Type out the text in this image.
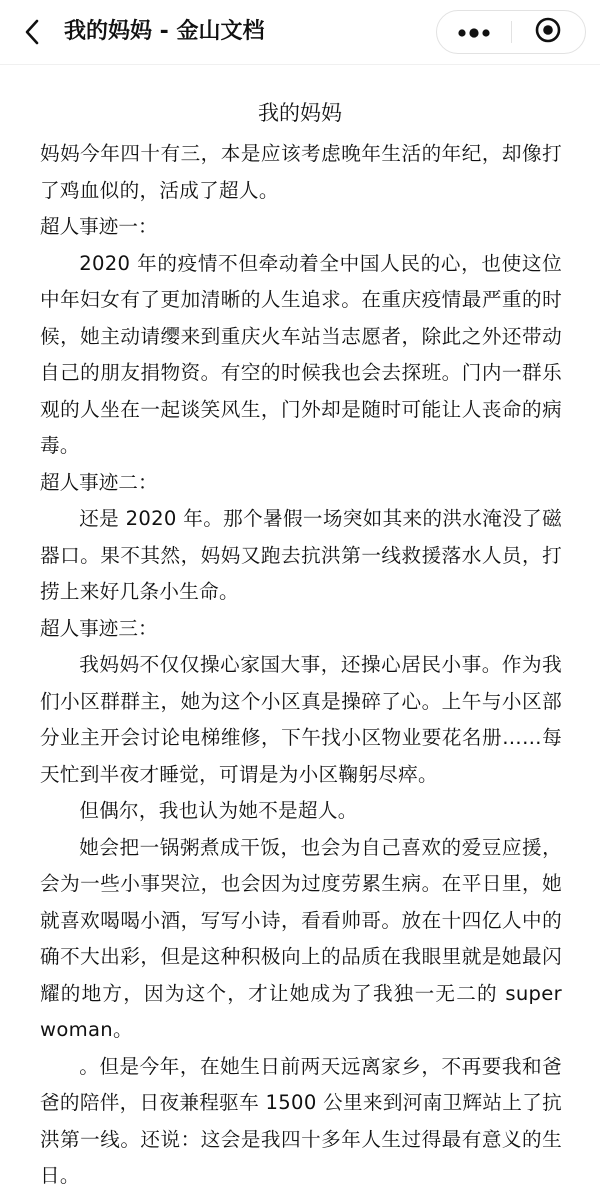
我的妈妈 - 金山文档
我的妈妈

妈妈今年四十有三，本是应该考虑晚年生活的年纪，却像打了鸡血似的，活成了超人。

超人事迹一：

2020 年的疫情不但牵动着全中国人民的心，也使这位中年妇女有了更加清晰的人生追求。在重庆疫情最严重的时候，她主动请缨来到重庆火车站当志愿者，除此之外还带动自己的朋友捐物资。有空的时候我也会去探班。门内一群乐观的人坐在一起谈笑风生，门外却是随时可能让人丧命的病毒。

超人事迹二：

还是 2020 年。那个暑假一场突如其来的洪水淹没了磁器口。果不其然，妈妈又跑去抗洪第一线救援落水人员，打捞上来好几条小生命。

超人事迹三：

我妈妈不仅仅操心家国大事，还操心居民小事。作为我们小区群群主，她为这个小区真是操碎了心。上午与小区部分业主开会讨论电梯维修，下午找小区物业要花名册……每天忙到半夜才睡觉，可谓是为小区鞠躬尽瘁。

但偶尔，我也认为她不是超人。

她会把一锅粥煮成干饭，也会为自己喜欢的爱豆应援，会为一些小事哭泣，也会因为过度劳累生病。在平日里，她就喜欢喝喝小酒，写写小诗，看看帅哥。放在十四亿人中的确不大出彩，但是这种积极向上的品质在我眼里就是她最闪耀的地方，因为这个，才让她成为了我独一无二的 super woman。

。但是今年，在她生日前两天远离家乡，不再要我和爸爸的陪伴，日夜兼程驱车 1500 公里来到河南卫辉站上了抗洪第一线。还说：这会是我四十多年人生过得最有意义的生日。
